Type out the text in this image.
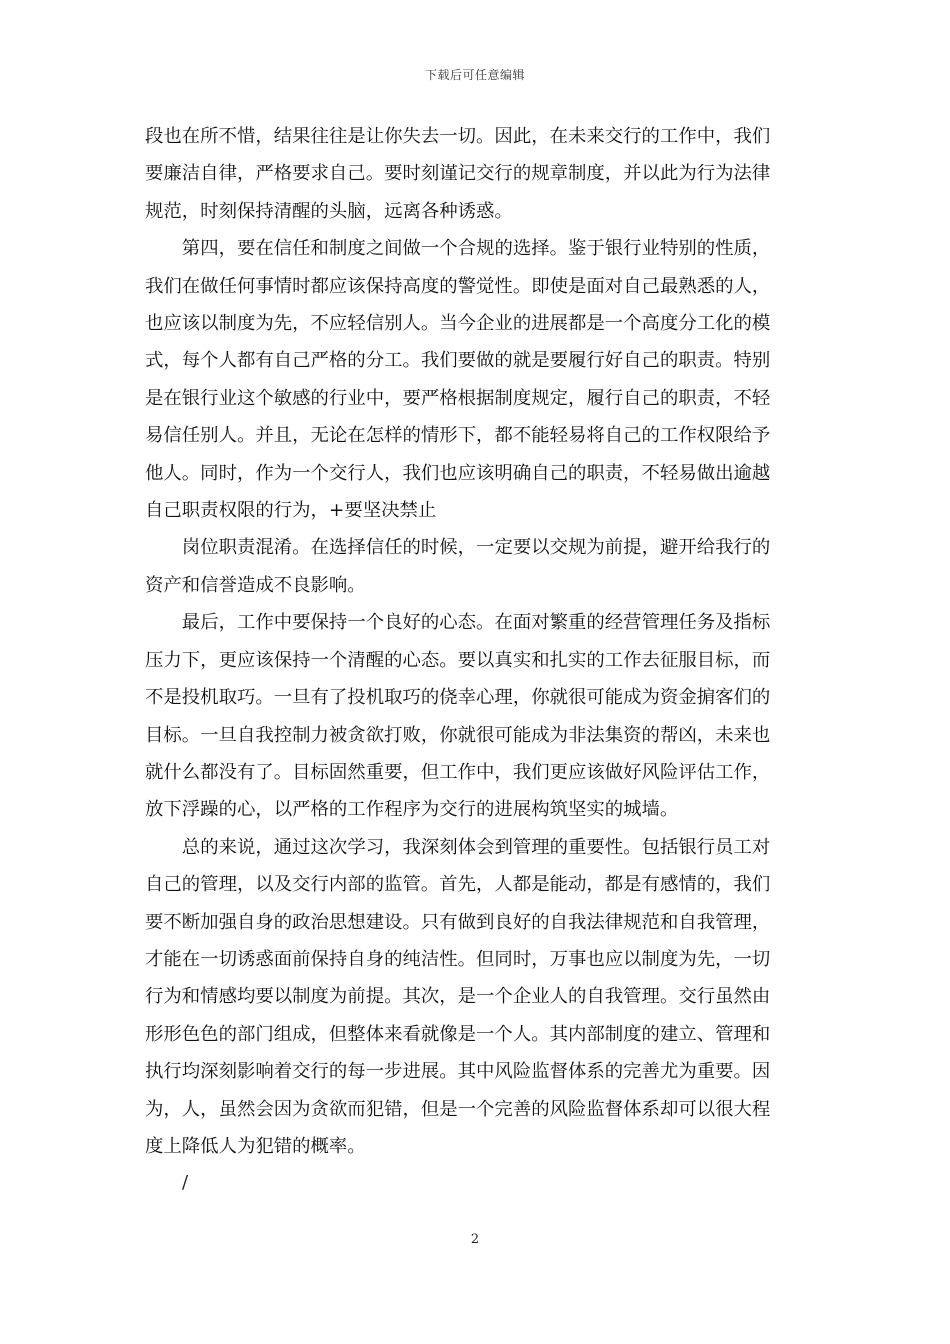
下载后可任意编辑

段也在所不惜，结果往往是让你失去一切。因此，在未来交行的工作中，我们
要廉洁自律，严格要求自己。要时刻谨记交行的规章制度，并以此为行为法律
规范，时刻保持清醒的头脑，远离各种诱惑。

第四，要在信任和制度之间做一个合规的选择。鉴于银行业特别的性质，
我们在做任何事情时都应该保持高度的警觉性。即使是面对自己最熟悉的人，
也应该以制度为先，不应轻信别人。当今企业的进展都是一个高度分工化的模
式，每个人都有自己严格的分工。我们要做的就是要履行好自己的职责。特别
是在银行业这个敏感的行业中，要严格根据制度规定，履行自己的职责，不轻
易信任别人。并且，无论在怎样的情形下，都不能轻易将自己的工作权限给予
他人。同时，作为一个交行人，我们也应该明确自己的职责，不轻易做出逾越
自己职责权限的行为，+要坚决禁止

岗位职责混淆。在选择信任的时候，一定要以交规为前提，避开给我行的
资产和信誉造成不良影响。

最后，工作中要保持一个良好的心态。在面对繁重的经营管理任务及指标
压力下，更应该保持一个清醒的心态。要以真实和扎实的工作去征服目标，而
不是投机取巧。一旦有了投机取巧的侥幸心理，你就很可能成为资金掮客们的
目标。一旦自我控制力被贪欲打败，你就很可能成为非法集资的帮凶，未来也
就什么都没有了。目标固然重要，但工作中，我们更应该做好风险评估工作，
放下浮躁的心，以严格的工作程序为交行的进展构筑坚实的城墙。

总的来说，通过这次学习，我深刻体会到管理的重要性。包括银行员工对
自己的管理，以及交行内部的监管。首先，人都是能动，都是有感情的，我们
要不断加强自身的政治思想建设。只有做到良好的自我法律规范和自我管理，
才能在一切诱惑面前保持自身的纯洁性。但同时，万事也应以制度为先，一切
行为和情感均要以制度为前提。其次，是一个企业人的自我管理。交行虽然由
形形色色的部门组成，但整体来看就像是一个人。其内部制度的建立、管理和
执行均深刻影响着交行的每一步进展。其中风险监督体系的完善尤为重要。因
为，人，虽然会因为贪欲而犯错，但是一个完善的风险监督体系却可以很大程
度上降低人为犯错的概率。

/
2
